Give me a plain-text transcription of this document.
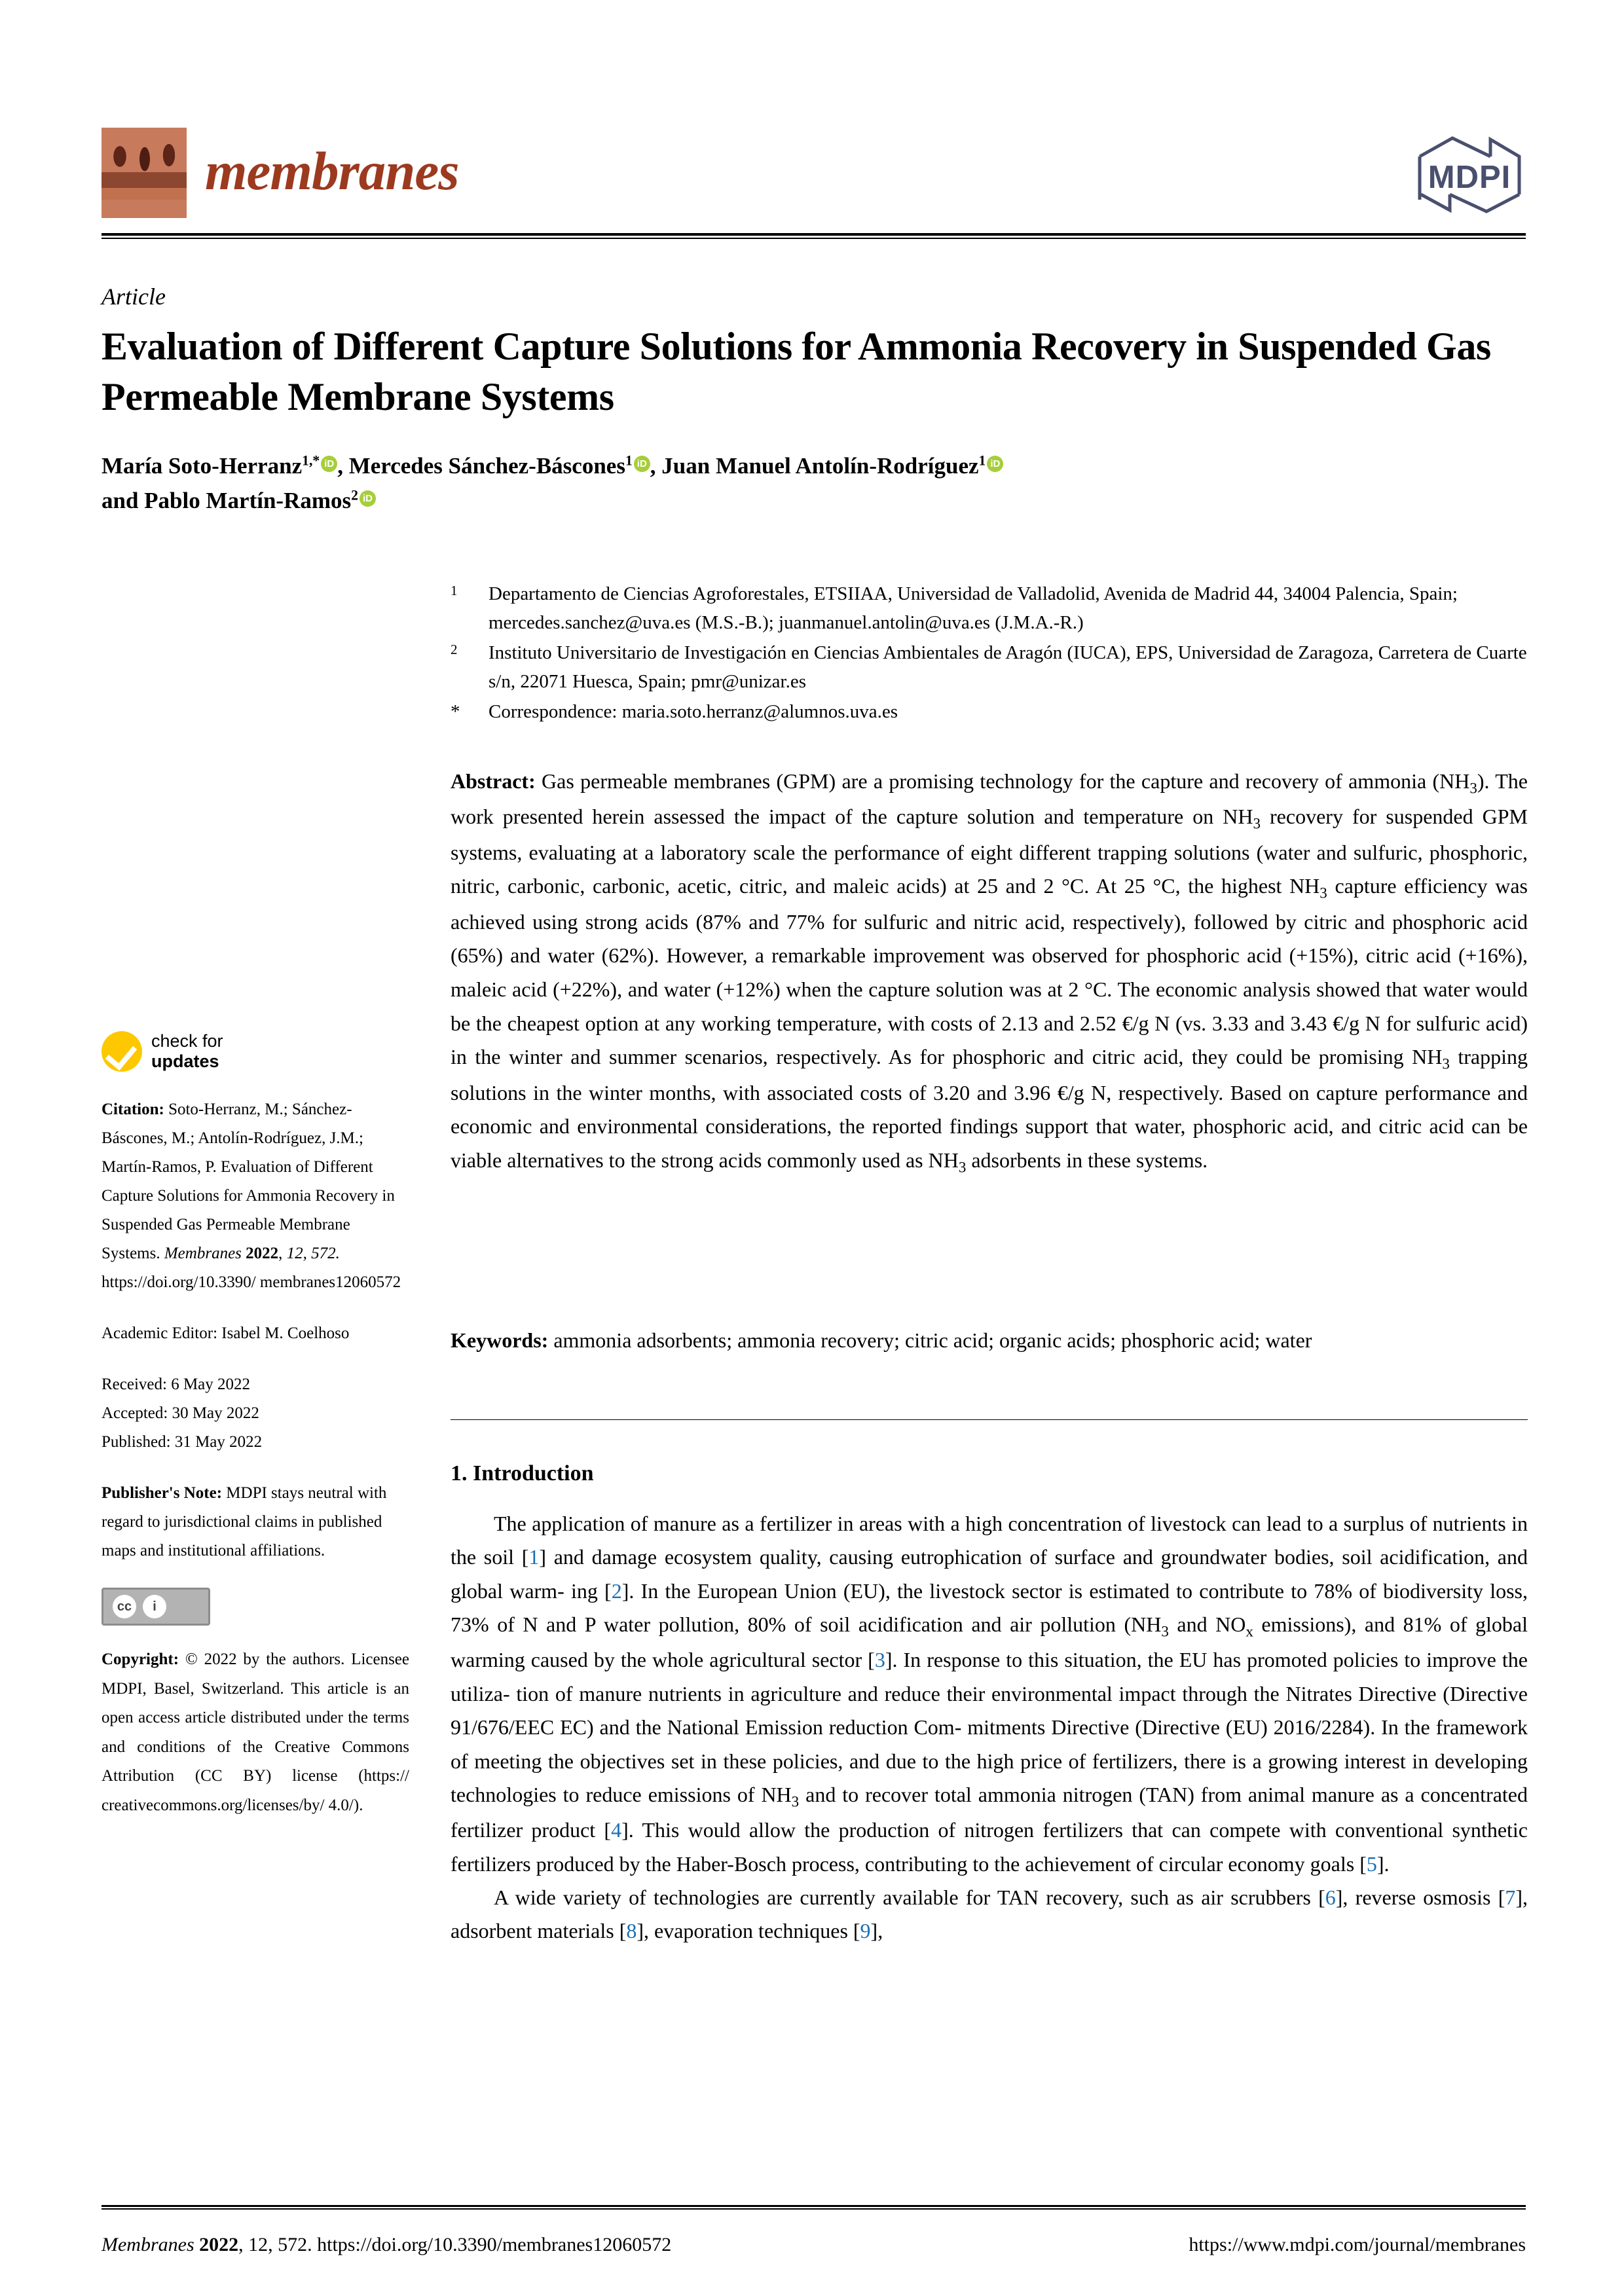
membranes	MDPI
Article
Evaluation of Different Capture Solutions for Ammonia Recovery in Suspended Gas Permeable Membrane Systems
María Soto-Herranz$^{1,*}$ iD , Mercedes Sánchez-Báscones$^1$ iD , Juan Manuel Antolín-Rodríguez$^1$ iD
and Pablo Martín-Ramos$^2$ iD
1	Departamento de Ciencias Agroforestales, ETSIIAA, Universidad de Valladolid, Avenida de Madrid 44, 34004 Palencia, Spain; mercedes.sanchez@uva.es (M.S.-B.); juanmanuel.antolin@uva.es (J.M.A.-R.)
2	Instituto Universitario de Investigación en Ciencias Ambientales de Aragón (IUCA), EPS, Universidad de Zaragoza, Carretera de Cuarte s/n, 22071 Huesca, Spain; pmr@unizar.es
*	Correspondence: maria.soto.herranz@alumnos.uva.es
Abstract: Gas permeable membranes (GPM) are a promising technology for the capture and recovery of ammonia $(NH_3)$. The work presented herein assessed the impact of the capture solution and temperature on $NH_3$ recovery for suspended GPM systems, evaluating at a laboratory scale the performance of eight different trapping solutions (water and sulfuric, phosphoric, nitric, carbonic, carbonic, acetic, citric, and maleic acids) at 25 and 2 °C. At 25 °C, the highest $NH_3$ capture efficiency was achieved using strong acids (87% and 77% for sulfuric and nitric acid, respectively), followed by citric and phosphoric acid (65%) and water (62%). However, a remarkable improvement was observed for phosphoric acid (+15%), citric acid (+16%), maleic acid (+22%), and water (+12%) when the capture solution was at 2 °C. The economic analysis showed that water would be the cheapest option at any working temperature, with costs of 2.13 and 2.52 €/g N (vs. 3.33 and 3.43 €/g N for sulfuric acid) in the winter and summer scenarios, respectively. As for phosphoric and citric acid, they could be promising $NH_3$ trapping solutions in the winter months, with associated costs of 3.20 and 3.96 €/g N, respectively. Based on capture performance and economic and environmental considerations, the reported findings support that water, phosphoric acid, and citric acid can be viable alternatives to the strong acids commonly used as $NH_3$ adsorbents in these systems.
Keywords: ammonia adsorbents; ammonia recovery; citric acid; organic acids; phosphoric acid; water
1. Introduction

The application of manure as a fertilizer in areas with a high concentration of livestock can lead to a surplus of nutrients in the soil [1] and damage ecosystem quality, causing eutrophication of surface and groundwater bodies, soil acidification, and global warm- ing [2]. In the European Union (EU), the livestock sector is estimated to contribute to 78% of biodiversity loss, 73% of N and P water pollution, 80% of soil acidification and air pollution ($NH_3$ and $NO_x$ emissions), and 81% of global warming caused by the whole agricultural sector [3]. In response to this situation, the EU has promoted policies to improve the utiliza- tion of manure nutrients in agriculture and reduce their environmental impact through the Nitrates Directive (Directive 91/676/EEC EC) and the National Emission reduction Com- mitments Directive (Directive (EU) 2016/2284). In the framework of meeting the objectives set in these policies, and due to the high price of fertilizers, there is a growing interest in developing technologies to reduce emissions of $NH_3$ and to recover total ammonia nitrogen (TAN) from animal manure as a concentrated fertilizer product [4]. This would allow the production of nitrogen fertilizers that can compete with conventional synthetic fertilizers produced by the Haber-Bosch process, contributing to the achievement of circular economy goals [5].

A wide variety of technologies are currently available for TAN recovery, such as air scrubbers [6], reverse osmosis [7], adsorbent materials [8], evaporation techniques [9],

check for
updates
Citation: Soto-Herranz, M.; Sánchez-Báscones, M.; Antolín-Rodríguez, J.M.; Martín-Ramos, P. Evaluation of Different Capture Solutions for Ammonia Recovery in Suspended Gas Permeable Membrane Systems. Membranes 2022, 12, 572. https://doi.org/10.3390/ membranes12060572
Academic Editor: Isabel M. Coelhoso
Received: 6 May 2022
Accepted: 30 May 2022
Published: 31 May 2022
Publisher's Note: MDPI stays neutral with regard to jurisdictional claims in published maps and institutional affiliations.
cc	i
Copyright: © 2022 by the authors. Licensee MDPI, Basel, Switzerland. This article is an open access article distributed under the terms and conditions of the Creative Commons Attribution (CC BY) license (https:// creativecommons.org/licenses/by/ 4.0/).
Membranes 2022, 12, 572. https://doi.org/10.3390/membranes12060572	https://www.mdpi.com/journal/membranes
